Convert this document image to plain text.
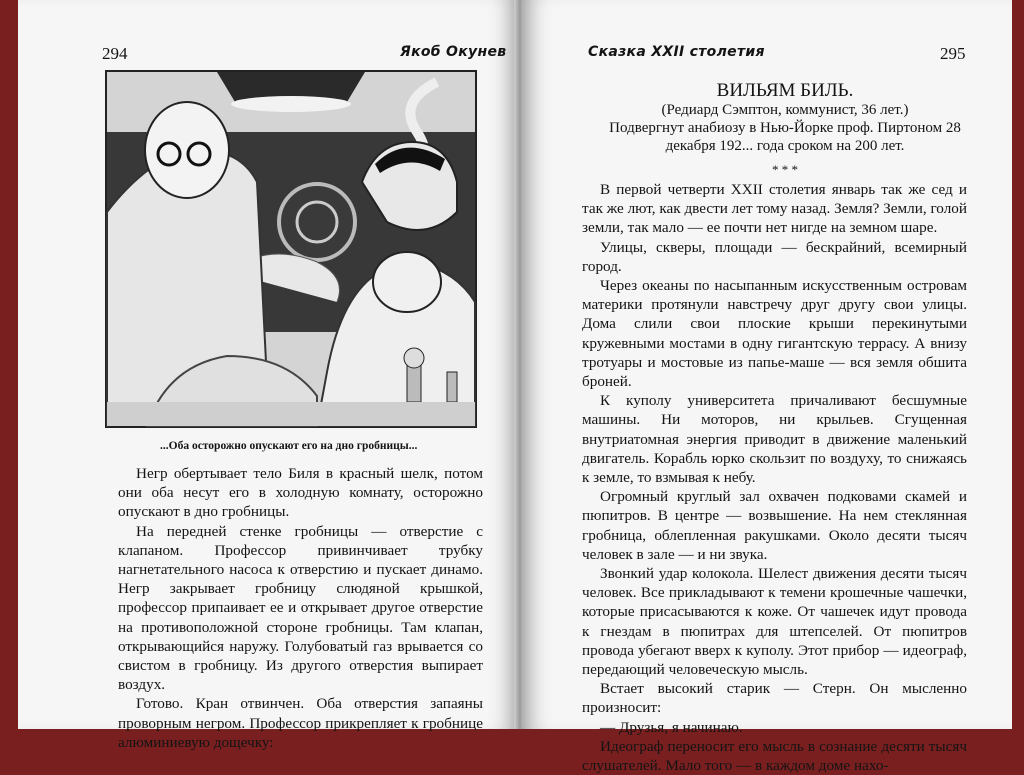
294	Якоб Окунев
...Оба осторожно опускают его на дно гробницы...

Негр обертывает тело Биля в красный шелк, потом они оба несут его в холодную комнату, осторожно опускают в дно гробницы.

На передней стенке гробницы — отверстие с клапаном. Профессор привинчивает трубку нагнетательного насоса к отверстию и пускает динамо. Негр закрывает гробницу слюдяной крышкой, профессор припаивает ее и открывает другое отверстие на противоположной стороне гробницы. Там клапан, открывающийся наружу. Голубоватый газ врывается со свистом в гробницу. Из другого отверстия выпирает воздух.

Готово. Кран отвинчен. Оба отверстия запаяны проворным негром. Профессор прикрепляет к гробнице алюминиевую дощечку:

Сказка XXII столетия	295
ВИЛЬЯМ БИЛЬ.
(Редиард Сэмптон, коммунист, 36 лет.)
Подвергнут анабиозу в Нью-Йорке проф. Пиртоном 28 декабря 192... года сроком на 200 лет.
* * *

В первой четверти XXII столетия январь так же сед и так же лют, как двести лет тому назад. Земля? Земли, голой земли, так мало — ее почти нет нигде на земном шаре.

Улицы, скверы, площади — бескрайний, всемирный город.

Через океаны по насыпанным искусственным островам материки протянули навстречу друг другу свои улицы. Дома слили свои плоские крыши перекинутыми кружевными мостами в одну гигантскую террасу. А внизу тротуары и мостовые из папье-маше — вся земля обшита броней.

К куполу университета причаливают бесшумные машины. Ни моторов, ни крыльев. Сгущенная внутриатомная энергия приводит в движение маленький двигатель. Корабль юрко скользит по воздуху, то снижаясь к земле, то взмывая к небу.

Огромный круглый зал охвачен подковами скамей и пюпитров. В центре — возвышение. На нем стеклянная гробница, облепленная ракушками. Около десяти тысяч человек в зале — и ни звука.

Звонкий удар колокола. Шелест движения десяти тысяч человек. Все прикладывают к темени крошечные чашечки, которые присасываются к коже. От чашечек идут провода к гнездам в пюпитрах для штепселей. От пюпитров провода убегают вверх к куполу. Этот прибор — идеограф, передающий человеческую мысль.

Встает высокий старик — Стерн. Он мысленно произносит:

— Друзья, я начинаю.

Идеограф переносит его мысль в сознание десяти тысяч слушателей. Мало того — в каждом доме нахо-
